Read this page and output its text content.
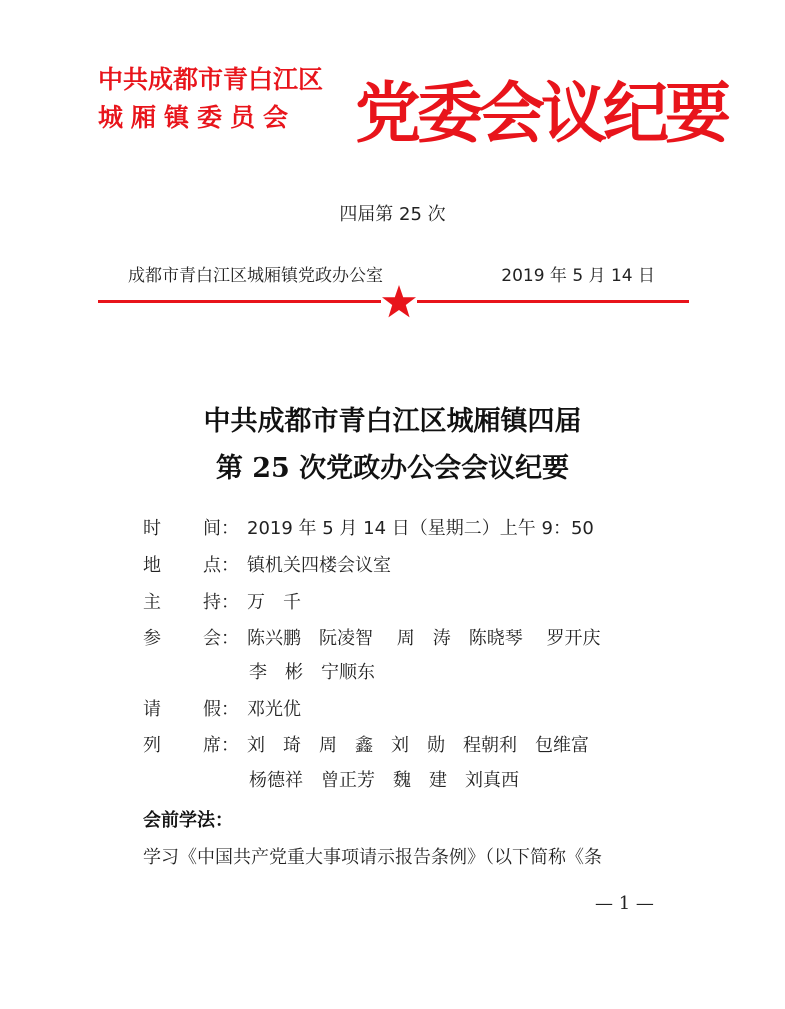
中共成都市青白江区
城厢镇委员会 党委会议纪要
四届第 25 次
成都市青白江区城厢镇党政办公室	2019 年 5 月 14 日
中共成都市青白江区城厢镇四届
第 25 次党政办公会会议纪要
时 间： 2019 年 5 月 14 日（星期二）上午 9：50
地 点： 镇机关四楼会议室
主 持： 万　千
参 会： 陈兴鹏　阮凌智　 周　涛　陈晓琴　 罗开庆
李　彬　宁顺东
请 假： 邓光优
列 席： 刘　琦　周　鑫　刘　勋　程朝利　包维富
杨德祥　曾正芳　魏　建　刘真西
会前学法：
学习《中国共产党重大事项请示报告条例》（以下简称《条
— 1 —
